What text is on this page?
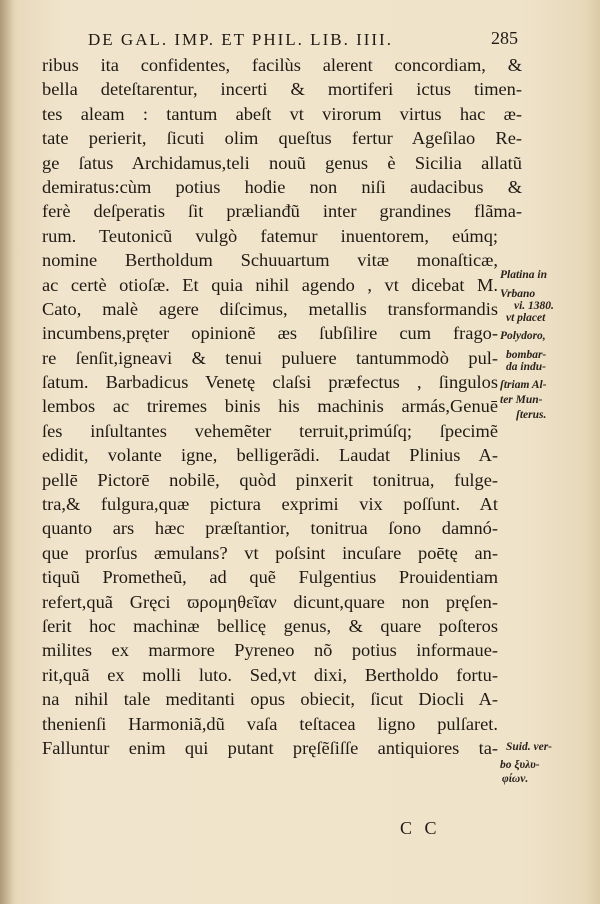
DE GAL. IMP. ET PHIL. LIB. IIII.	285
ribus ita confidentes, facilùs alerent concordiam, &
bella deteſtarentur, incerti & mortiferi ictus timen-
tes aleam : tantum abeſt vt virorum virtus hac æ-
tate perierit, ſicuti olim queſtus fertur Ageſilao Re-
ge ſatus Archidamus,teli nouũ genus è Sicilia allatũ
demiratus:cùm potius hodie non niſi audacibus &
ferè deſperatis ſit prælianđũ inter grandines flãma-
rum. Teutonicũ vulgò fatemur inuentorem, eúmq;
nomine Bertholdum Schuuartum vitæ monaſticæ,
ac certè otioſæ. Et quia nihil agendo , vt dicebat M.
Cato, malè agere diſcimus, metallis transformandis
incumbens,pręter opinionẽ æs ſubſilire cum frago-
re ſenſit,igneavi & tenui puluere tantummodò pul-
ſatum. Barbadicus Venetę claſsi præfectus , ſingulos
lembos ac triremes binis his machinis armás,Genuē
ſes inſultantes vehemẽter terruit,primúſq; ſpecimẽ
edidit, volante igne, belligerãdi. Laudat Plinius A-
pellē Pictorē nobilē, quòd pinxerit tonitrua, fulge-
tra,& fulgura,quæ pictura exprimi vix poſſunt. At
quanto ars hæc præſtantior, tonitrua ſono damnó-
que prorſus æmulans? vt poſsint incuſare poētę an-
tiquũ Prometheũ, ad quẽ Fulgentius Prouidentiam
refert,quã Gręci ϖρομηθεῖαν dicunt,quare non pręſen-
ſerit hoc machinæ bellicę genus, & quare poſteros
milites ex marmore Pyreneo nõ potius informaue-
rit,quã ex molli luto. Sed,vt dixi, Bertholdo fortu-
na nihil tale meditanti opus obiecit, ſicut Diocli A-
thenienſi Harmoniã,dũ vaſa teſtacea ligno pulſaret.
Falluntur enim qui putant pręſẽſiſſe antiquiores ta-
Platina in
Vrbano
vi. 1380.
vt placet
Polydoro,
bombar-
da indu-
ſtriam Al-
ter Mun-
ſterus.
Suid. ver-
bo ξυλυ-
φίων.
C C
